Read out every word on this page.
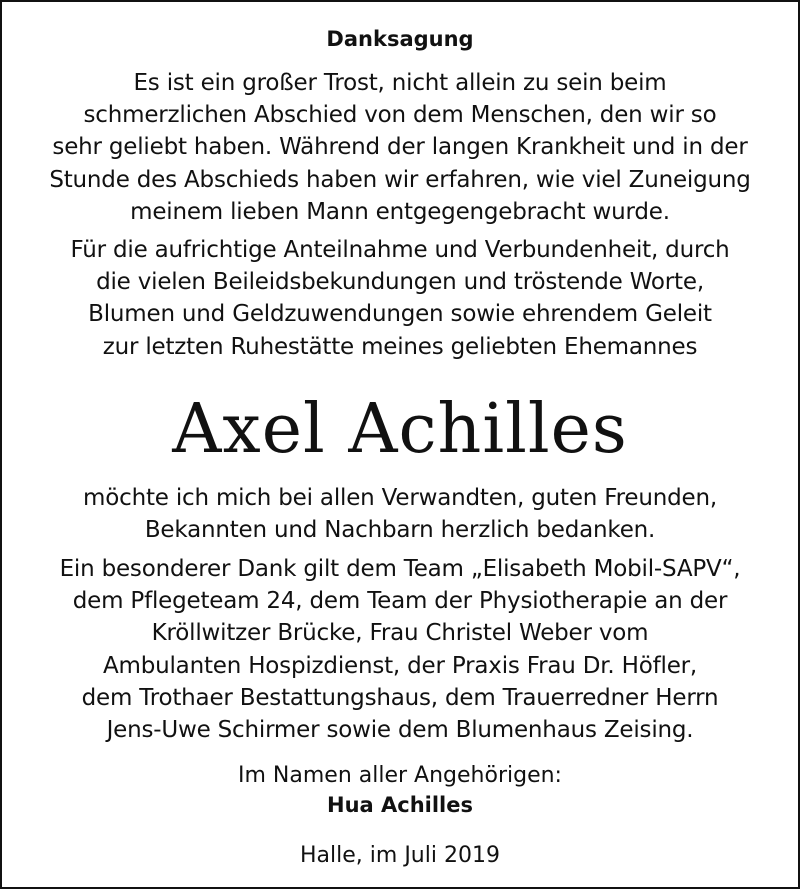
Danksagung

Es ist ein großer Trost, nicht allein zu sein beim
schmerzlichen Abschied von dem Menschen, den wir so
sehr geliebt haben. Während der langen Krankheit und in der
Stunde des Abschieds haben wir erfahren, wie viel Zuneigung
meinem lieben Mann entgegengebracht wurde.

Für die aufrichtige Anteilnahme und Verbundenheit, durch
die vielen Beileidsbekundungen und tröstende Worte,
Blumen und Geldzuwendungen sowie ehrendem Geleit
zur letzten Ruhestätte meines geliebten Ehemannes

Axel Achilles

möchte ich mich bei allen Verwandten, guten Freunden,
Bekannten und Nachbarn herzlich bedanken.

Ein besonderer Dank gilt dem Team „Elisabeth Mobil-SAPV“,
dem Pflegeteam 24, dem Team der Physiotherapie an der
Kröllwitzer Brücke, Frau Christel Weber vom
Ambulanten Hospizdienst, der Praxis Frau Dr. Höfler,
dem Trothaer Bestattungshaus, dem Trauerredner Herrn
Jens-Uwe Schirmer sowie dem Blumenhaus Zeising.

Im Namen aller Angehörigen:
Hua Achilles
Halle, im Juli 2019
